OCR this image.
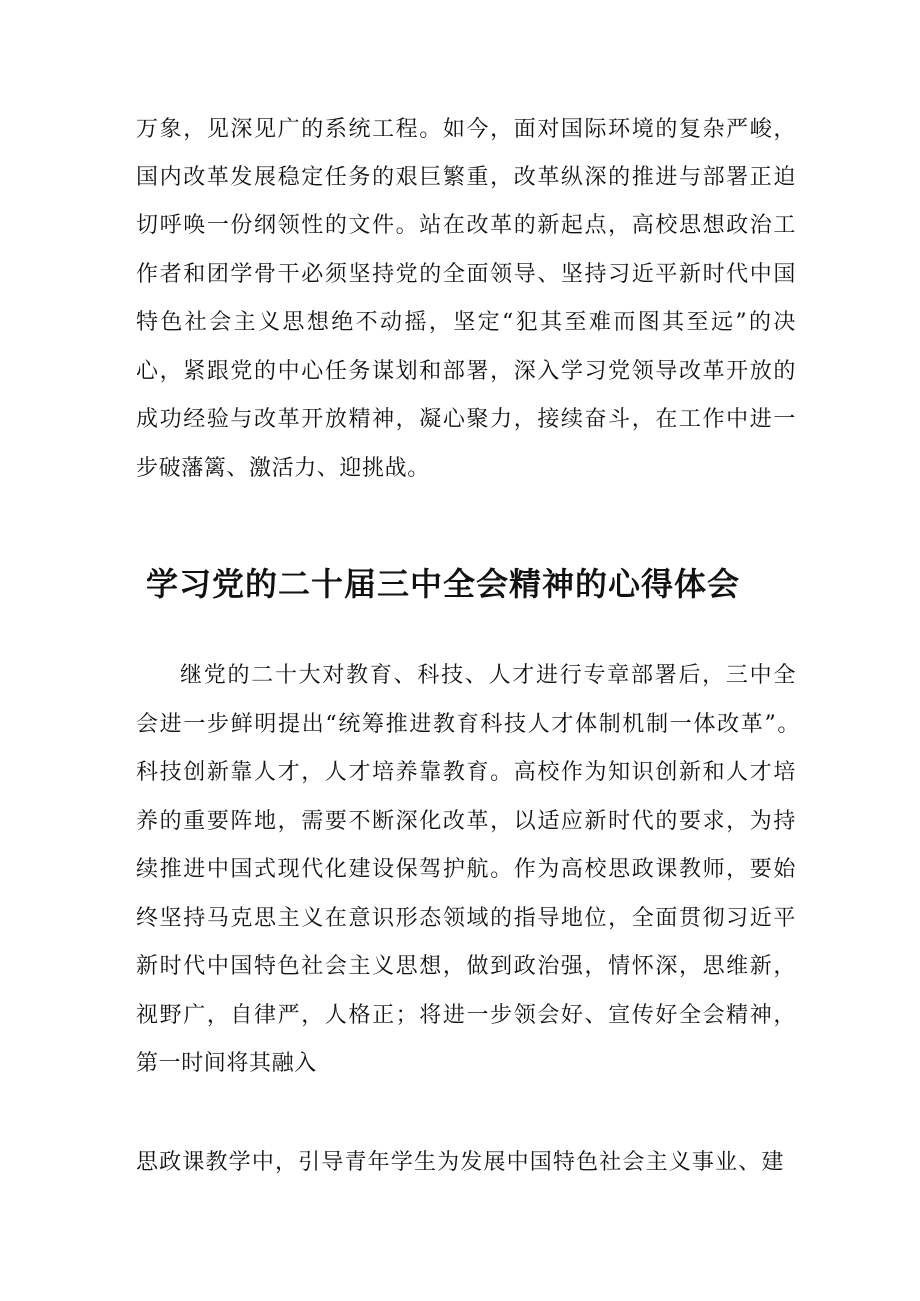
万象，见深见广的系统工程。如今，面对国际环境的复杂严峻，

国内改革发展稳定任务的艰巨繁重，改革纵深的推进与部署正迫

切呼唤一份纲领性的文件。站在改革的新起点，高校思想政治工

作者和团学骨干必须坚持党的全面领导、坚持习近平新时代中国

特色社会主义思想绝不动摇，坚定“犯其至难而图其至远”的决

心，紧跟党的中心任务谋划和部署，深入学习党领导改革开放的

成功经验与改革开放精神，凝心聚力，接续奋斗，在工作中进一

步破藩篱、激活力、迎挑战。

学习党的二十届三中全会精神的心得体会

继党的二十大对教育、科技、人才进行专章部署后，三中全

会进一步鲜明提出“统筹推进教育科技人才体制机制一体改革”。

科技创新靠人才，人才培养靠教育。高校作为知识创新和人才培

养的重要阵地，需要不断深化改革，以适应新时代的要求，为持

续推进中国式现代化建设保驾护航。作为高校思政课教师，要始

终坚持马克思主义在意识形态领域的指导地位，全面贯彻习近平

新时代中国特色社会主义思想，做到政治强，情怀深，思维新，

视野广，自律严，人格正；将进一步领会好、宣传好全会精神，

第一时间将其融入

思政课教学中，引导青年学生为发展中国特色社会主义事业、建
